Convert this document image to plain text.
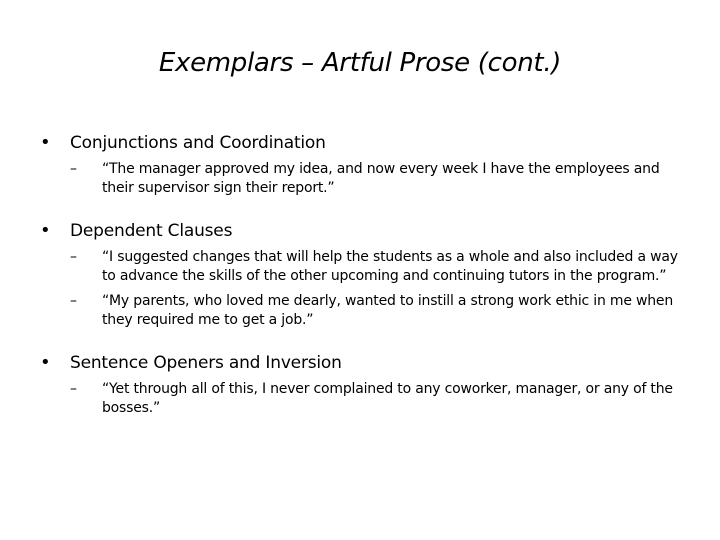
Exemplars – Artful Prose (cont.)
• Conjunctions and Coordination
– “The manager approved my idea, and now every week I have the employees and their supervisor sign their report.”
• Dependent Clauses
– “I suggested changes that will help the students as a whole and also included a way to advance the skills of the other upcoming and continuing tutors in the program.”
– “My parents, who loved me dearly, wanted to instill a strong work ethic in me when they required me to get a job.”
• Sentence Openers and Inversion
– “Yet through all of this, I never complained to any coworker, manager, or any of the bosses.”
